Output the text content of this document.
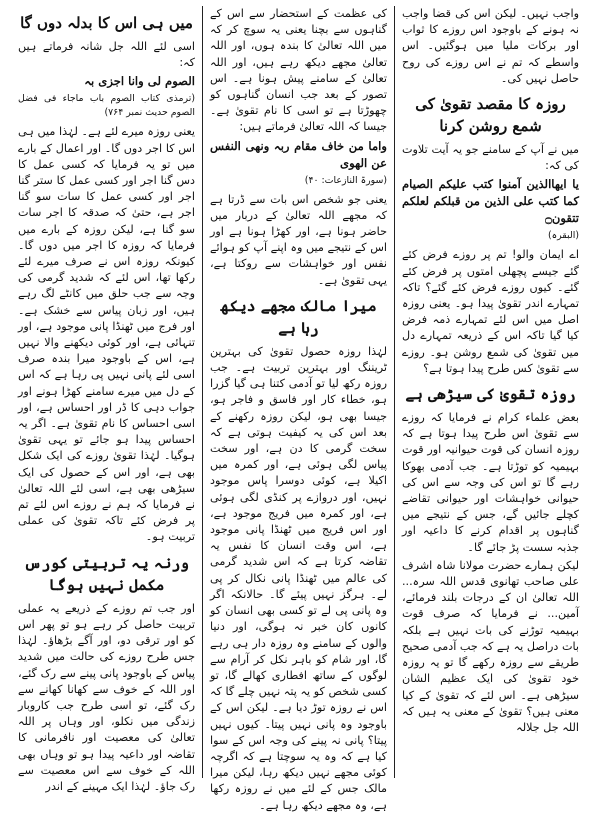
واجب نہیں۔ لیکن اس کی قضا واجب نہ ہونے کے باوجود اس روزے کا ثواب اور برکات ملیا میں ہوگئیں۔ اس واسطے کہ تم نے اس روزے کی روح حاصل نہیں کی۔

روزہ کا مقصد تقویٰ کی شمع روشن کرنا

میں نے آپ کے سامنے جو یہ آیت تلاوت کی کہ:

یا ایھاالذین آمنوا کتب علیکم الصیام کما کتب علی الذین من قبلکم لعلکم تتقون۝

(البقرہ)

اے ایمان والو! تم پر روزے فرض کئے گئے جیسے پچھلی امتوں پر فرض کئے گئے۔ کیوں روزے فرض کئے گئے؟ تاکہ تمہارے اندر تقویٰ پیدا ہو۔ یعنی روزہ اصل میں اس لئے تمہارے ذمہ فرض کیا گیا تاکہ اس کے ذریعہ تمہارے دل میں تقویٰ کی شمع روشن ہو۔ روزے سے تقویٰ کس طرح پیدا ہوتا ہے؟

روزہ تقویٰ کی سیڑھی ہے

بعض علماء کرام نے فرمایا کہ روزے سے تقویٰ اس طرح پیدا ہوتا ہے کہ روزہ انسان کی قوت حیوانیہ اور قوت بہیمیہ کو توڑتا ہے۔ جب آدمی بھوکا رہے گا تو اس کی وجہ سے اس کی حیوانی خواہشات اور حیوانی تقاضے کچلے جائیں گے، جس کے نتیجے میں گناہوں پر اقدام کرنے کا داعیہ اور جذبہ سست پڑ جائے گا۔

لیکن ہمارے حضرت مولانا شاہ اشرف علی صاحب تھانوی قدس اللہ سرہ... اللہ تعالیٰ ان کے درجات بلند فرمائے، آمین... نے فرمایا کہ صرف قوت بہیمیہ توڑنے کی بات نہیں ہے بلکہ بات دراصل یہ ہے کہ جب آدمی صحیح طریقے سے روزہ رکھے گا تو یہ روزہ خود تقویٰ کی ایک عظیم الشان سیڑھی ہے۔ اس لئے کہ تقویٰ کے کیا معنی ہیں؟ تقویٰ کے معنی یہ ہیں کہ اللہ جل جلالہ

کی عظمت کے استحضار سے اس کے گناہوں سے بچنا یعنی یہ سوچ کر کہ میں اللہ تعالیٰ کا بندہ ہوں، اور اللہ تعالیٰ مجھے دیکھ رہے ہیں، اور اللہ تعالیٰ کے سامنے پیش ہونا ہے۔ اس تصور کے بعد جب انسان گناہوں کو چھوڑتا ہے تو اسی کا نام تقویٰ ہے۔ جیسا کہ اللہ تعالیٰ فرماتے ہیں:

واما من خاف مقام ربہ ونھی النفس عن الھوی

(سورۃ النازعات: ۴۰)

یعنی جو شخص اس بات سے ڈرتا ہے کہ مجھے اللہ تعالیٰ کے دربار میں حاضر ہونا ہے، اور کھڑا ہونا ہے اور اس کے نتیجے میں وہ اپنے آپ کو ہوائے نفس اور خواہشات سے روکتا ہے، یہی تقویٰ ہے۔

میرا مالک مجھے دیکھ رہا ہے

لہٰذا روزہ حصول تقویٰ کی بہترین ٹریننگ اور بہترین تربیت ہے۔ جب روزہ رکھ لیا تو آدمی کتنا ہی گیا گزرا ہو، خطاء کار اور فاسق و فاجر ہو، جیسا بھی ہو، لیکن روزہ رکھنے کے بعد اس کی یہ کیفیت ہوتی ہے کہ سخت گرمی کا دن ہے، اور سخت پیاس لگی ہوئی ہے، اور کمرہ میں اکیلا ہے، کوئی دوسرا پاس موجود نہیں، اور دروازے پر کنڈی لگی ہوئی ہے، اور کمرہ میں فریج موجود ہے، اور اس فریج میں ٹھنڈا پانی موجود ہے، اس وقت انسان کا نفس یہ تقاضہ کرتا ہے کہ اس شدید گرمی کی عالم میں ٹھنڈا پانی نکال کر پی لے۔ ہرگز نہیں پیئے گا۔ حالانکہ اگر وہ پانی پی لے تو کسی بھی انسان کو کانوں کان خبر نہ ہوگی، اور دنیا والوں کے سامنے وہ روزہ دار ہی رہے گا، اور شام کو باہر نکل کر آرام سے لوگوں کے ساتھ افطاری کھالے گا، تو کسی شخص کو یہ پتہ نہیں چلے گا کہ اس نے روزہ توڑ دیا ہے۔ لیکن اس کے باوجود وہ پانی نہیں پیتا۔ کیوں نہیں پیتا؟ پانی نہ پینے کی وجہ اس کے سوا کیا ہے کہ وہ یہ سوچتا ہے کہ اگرچہ کوئی مجھے نہیں دیکھ رہا، لیکن میرا مالک جس کے لئے میں نے روزہ رکھا ہے، وہ مجھے دیکھ رہا ہے۔

میں ہی اس کا بدلہ دوں گا

اسی لئے اللہ جل شانہ فرماتے ہیں کہ:

الصوم لی وانا اجزی بہ

(ترمذی کتاب الصوم باب ماجاء فی فضل الصوم حدیث نمبر ۷۶۴)

یعنی روزہ میرے لئے ہے۔ لہٰذا میں ہی اس کا اجر دوں گا۔ اور اعمال کے بارے میں تو یہ فرمایا کہ کسی عمل کا دس گنا اجر اور کسی عمل کا ستر گنا اجر اور کسی عمل کا سات سو گنا اجر ہے، حتیٰ کہ صدقہ کا اجر سات سو گنا ہے، لیکن روزہ کے بارے میں فرمایا کہ روزہ کا اجر میں دوں گا۔ کیونکہ روزہ اس نے صرف میرے لئے رکھا تھا، اس لئے کہ شدید گرمی کی وجہ سے جب حلق میں کانٹے لگ رہے ہیں، اور زبان پیاس سے خشک ہے۔ اور فرج میں ٹھنڈا پانی موجود ہے، اور تنہائی ہے، اور کوئی دیکھنے والا نہیں ہے، اس کے باوجود میرا بندہ صرف اسی لئے پانی نہیں پی رہا ہے کہ اس کے دل میں میرے سامنے کھڑا ہونے اور جواب دہی کا ڈر اور احساس ہے، اور اسی احساس کا نام تقویٰ ہے۔ اگر یہ احساس پیدا ہو جائے تو یہی تقویٰ ہوگیا۔ لہٰذا تقویٰ روزے کی ایک شکل بھی ہے، اور اس کے حصول کی ایک سیڑھی بھی ہے، اسی لئے اللہ تعالیٰ نے فرمایا کہ ہم نے روزے اس لئے تم پر فرض کئے تاکہ تقویٰ کی عملی تربیت ہو۔

ورنہ یہ تربیتی کورس مکمل نہیں ہوگا

اور جب تم روزے کے ذریعے یہ عملی تربیت حاصل کر رہے ہو تو پھر اس کو اور ترقی دو، اور آگے بڑھاؤ۔ لہٰذا جس طرح روزے کی حالت میں شدید پیاس کے باوجود پانی پینے سے رک گئے، اور اللہ کے خوف سے کھانا کھانے سے رک گئے، تو اسی طرح جب کاروبار زندگی میں نکلو، اور وہاں پر اللہ تعالیٰ کی معصیت اور نافرمانی کا تقاضہ اور داعیہ پیدا ہو تو وہاں بھی اللہ کے خوف سے اس معصیت سے رک جاؤ۔ لہٰذا ایک مہینے کے اندر
